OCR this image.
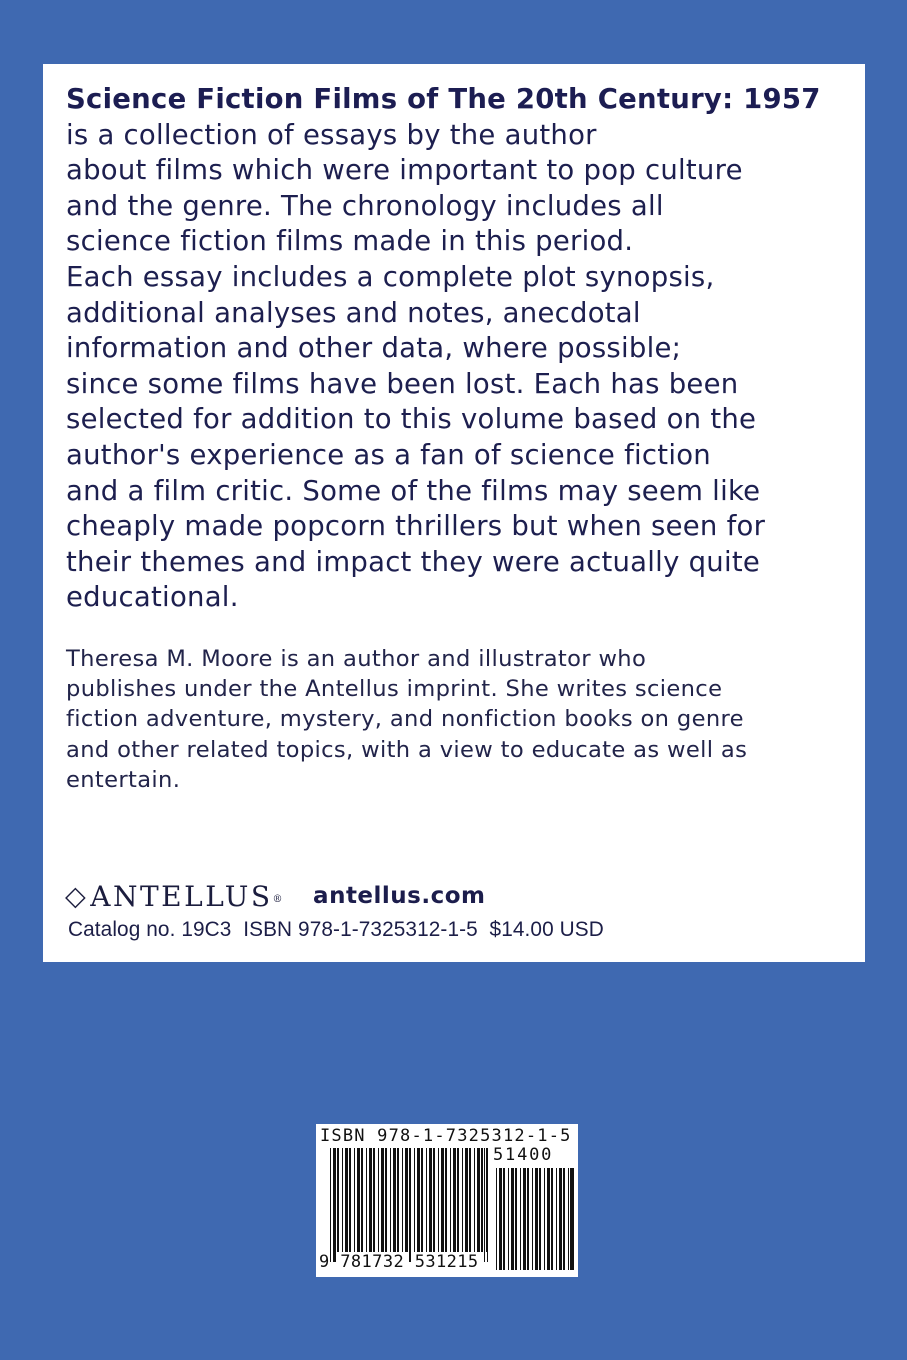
Science Fiction Films of The 20th Century: 1957  is a collection of essays by the author
about films which were important to pop culture
and the genre. The chronology includes all
science fiction films made in this period.
Each essay includes a complete plot synopsis,
additional analyses and notes, anecdotal
information and other data, where possible;
since some films have been lost. Each has been
selected for addition to this volume based on the
author's experience as a fan of science fiction
and a film critic. Some of the films may seem like
cheaply made popcorn thrillers but when seen for
their themes and impact they were actually quite
educational.

Theresa M. Moore is an author and illustrator who
publishes under the Antellus imprint. She writes science
fiction adventure, mystery, and nonfiction books on genre
and other related topics, with a view to educate as well as
entertain.

◇ ANTELLUS ® antellus.com
Catalog no. 19C3  ISBN 978-1-7325312-1-5  $14.00 USD
ISBN 978-1-7325312-1-5
51400
9 781732 531215
